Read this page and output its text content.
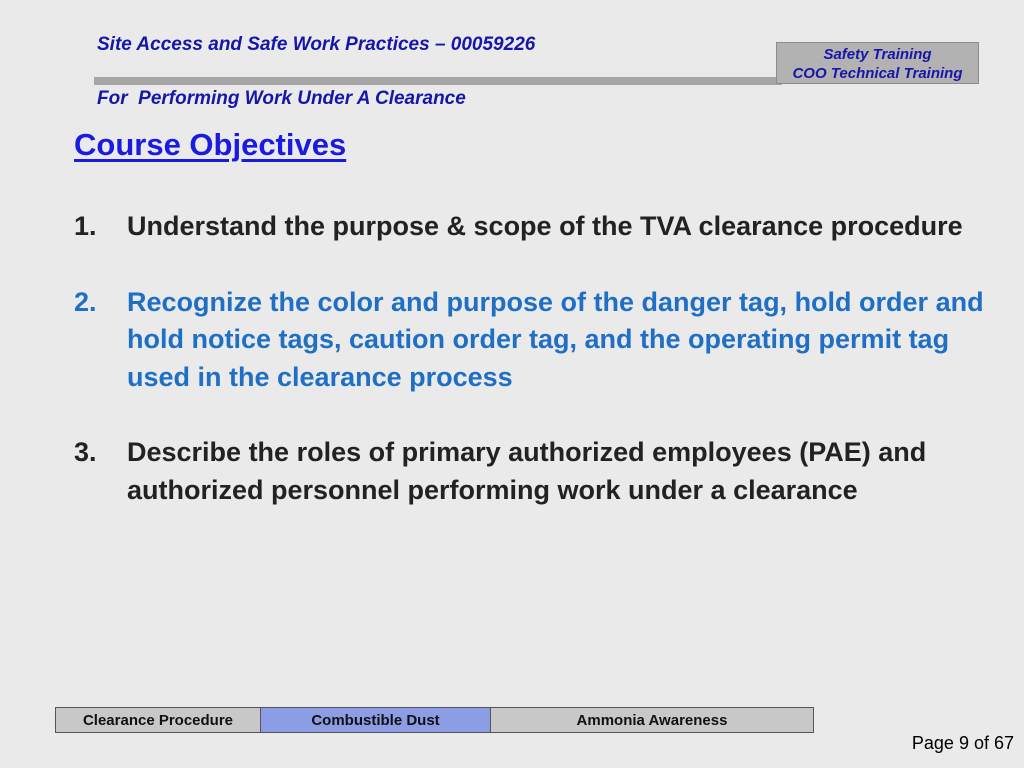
Site Access and Safe Work Practices – 00059226
For  Performing Work Under A Clearance
Safety Training
COO Technical Training
Course Objectives
1.	Understand the purpose & scope of the TVA clearance procedure
2.	Recognize the color and purpose of the danger tag, hold order and hold notice tags, caution order tag, and the operating permit tag used in the clearance process
3.	Describe the roles of primary authorized employees (PAE) and authorized personnel performing work under a clearance
Clearance Procedure	Combustible Dust	Ammonia Awareness
Page 9 of 67
